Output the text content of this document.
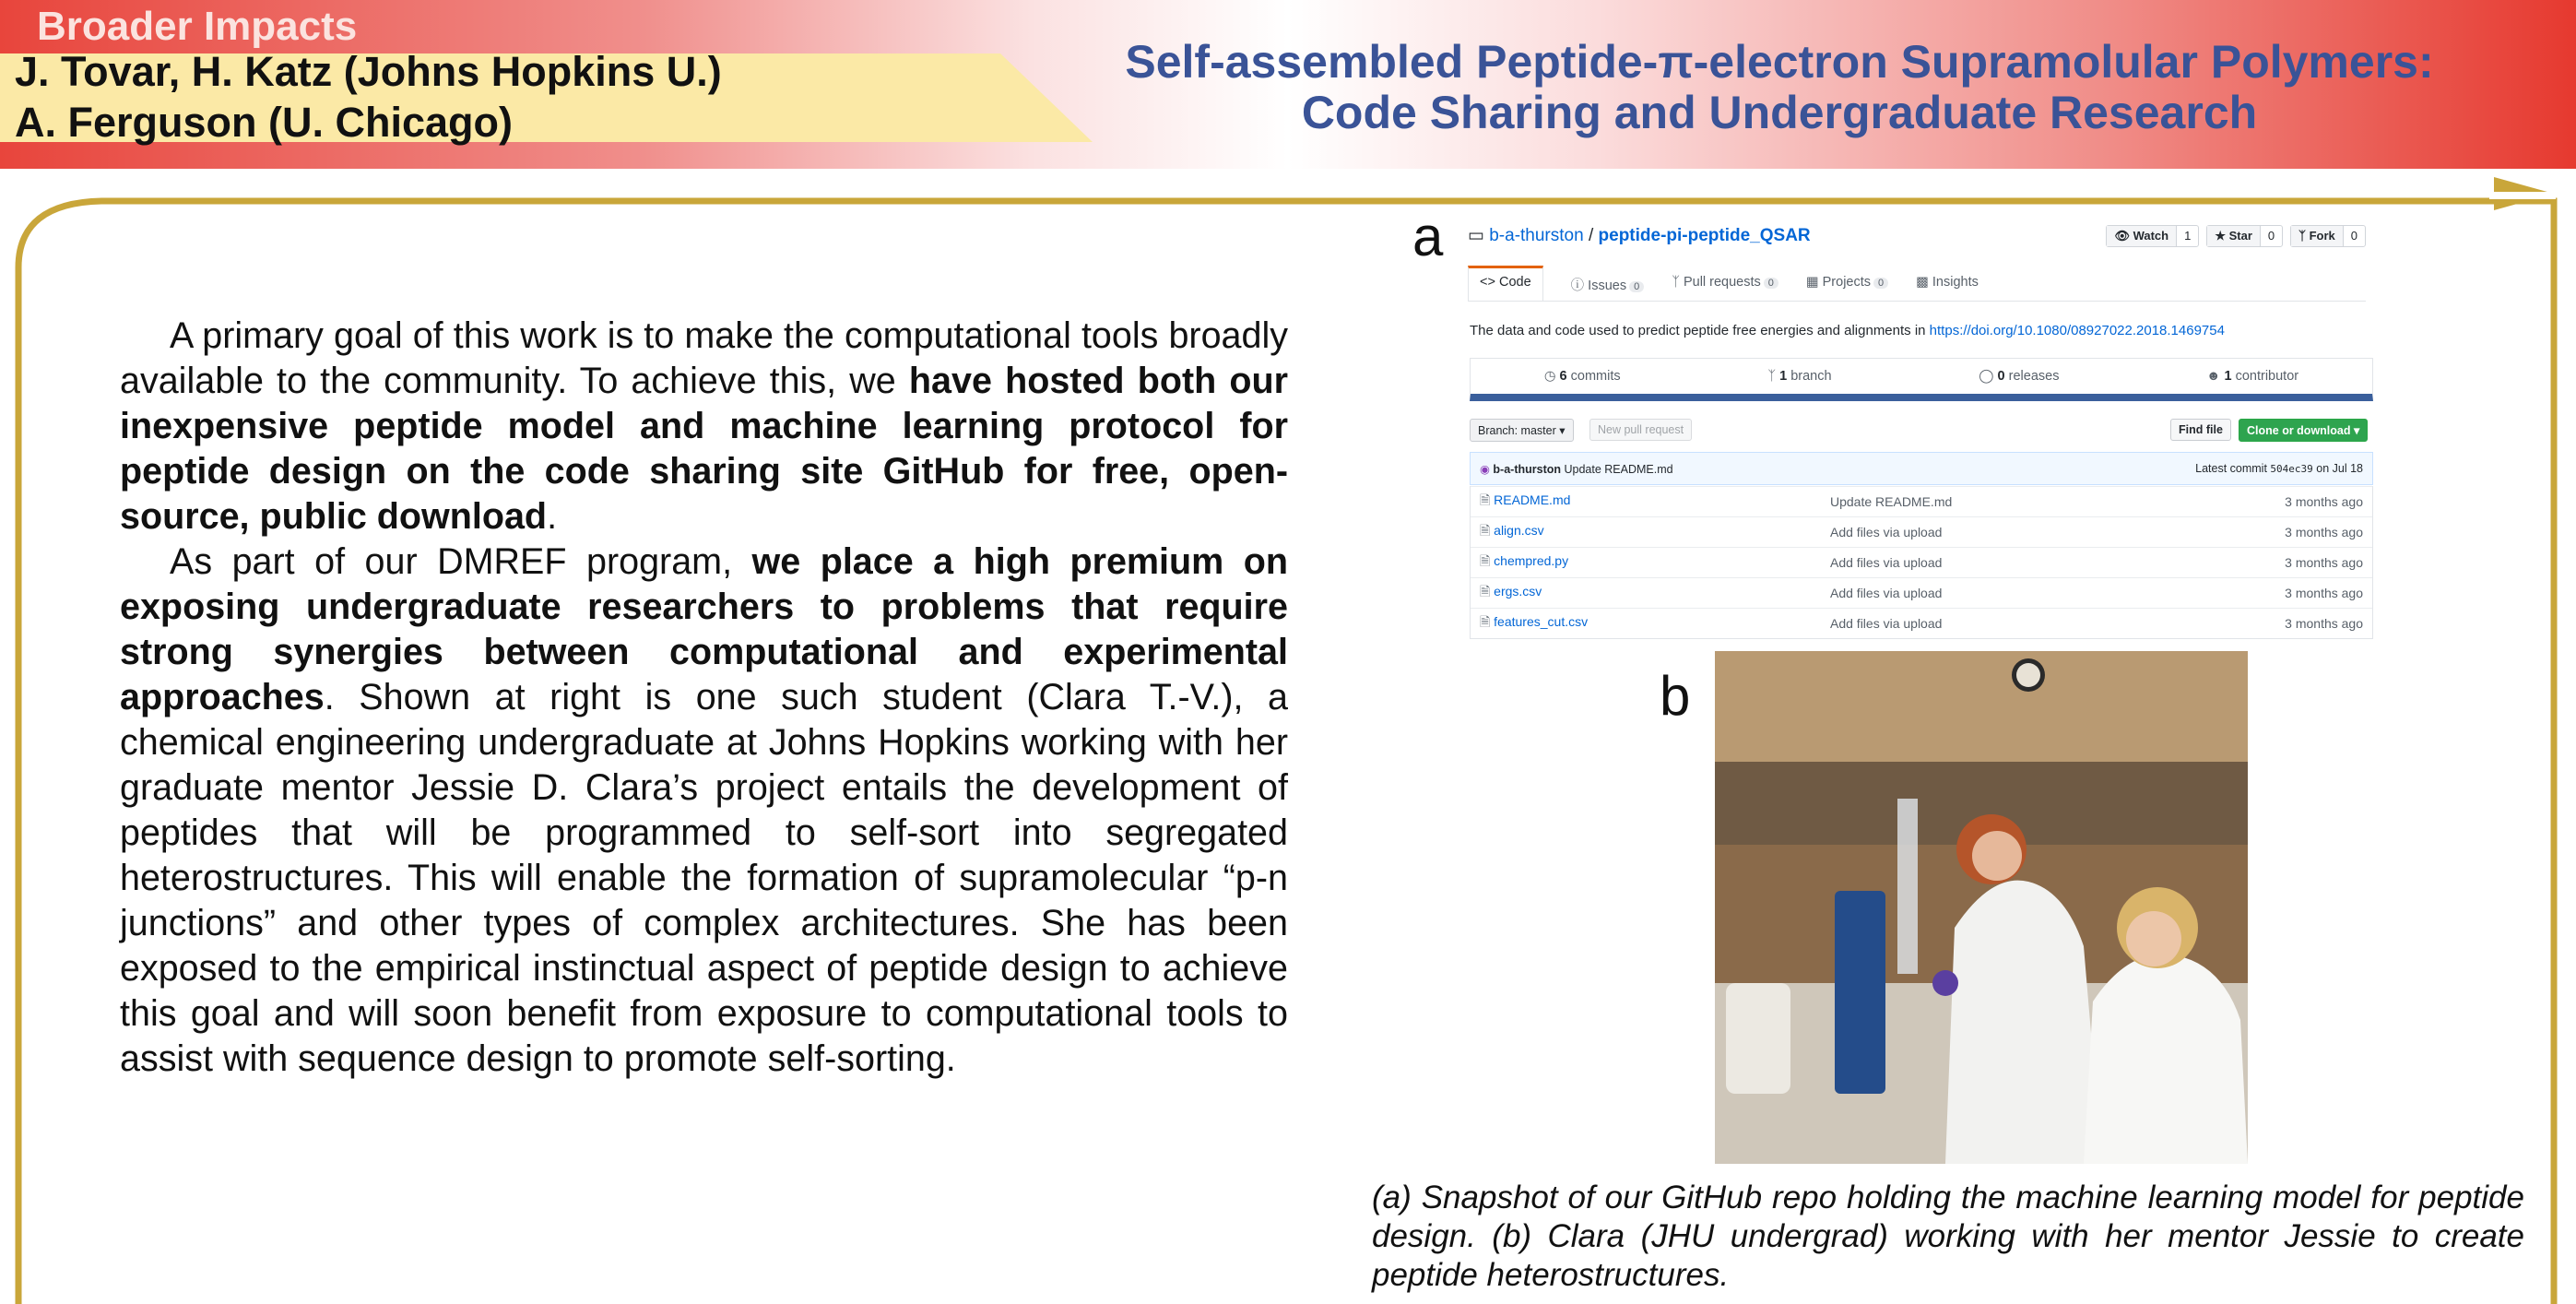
Broader Impacts
J. Tovar, H. Katz (Johns Hopkins U.)
A. Ferguson (U. Chicago)
Self-assembled Peptide-π-electron Supramolular Polymers:
Code Sharing and Undergraduate Research

A primary goal of this work is to make the computational tools broadly available to the community. To achieve this, we have hosted both our inexpensive peptide model and machine learning protocol for peptide design on the code sharing site GitHub for free, open-source, public download.

As part of our DMREF program, we place a high premium on exposing undergraduate researchers to problems that require strong synergies between computational and experimental approaches. Shown at right is one such student (Clara T.-V.), a chemical engineering undergraduate at Johns Hopkins working with her graduate mentor Jessie D. Clara’s project entails the development of peptides that will be programmed to self-sort into segregated heterostructures. This will enable the formation of supramolecular “p-n junctions” and other types of complex architectures. She has been exposed to the empirical instinctual aspect of peptide design to achieve this goal and will soon benefit from exposure to computational tools to assist with sequence design to promote self-sorting.

a
b
▭ b-a-thurston / peptide-pi-peptide_QSAR	👁 Watch	1	★ Star	0	ᛉ Fork	0
<> Code	ⓘ Issues 0	ᛉ Pull requests 0	▦ Projects 0	▩ Insights
The data and code used to predict peptide free energies and alignments in https://doi.org/10.1080/08927022.2018.1469754
◷ 6 commits	ᛉ 1 branch	◯ 0 releases	☻ 1 contributor
Branch: master ▾	New pull request	Find file	Clone or download ▾
◉ b-a-thurston Update README.md	Latest commit 504ec39 on Jul 18
🗎 README.md	Update README.md	3 months ago
🗎 align.csv	Add files via upload	3 months ago
🗎 chempred.py	Add files via upload	3 months ago
🗎 ergs.csv	Add files via upload	3 months ago
🗎 features_cut.csv	Add files via upload	3 months ago
(a) Snapshot of our GitHub repo holding the machine learning model for peptide design. (b) Clara (JHU undergrad) working with her mentor Jessie to create peptide heterostructures.
